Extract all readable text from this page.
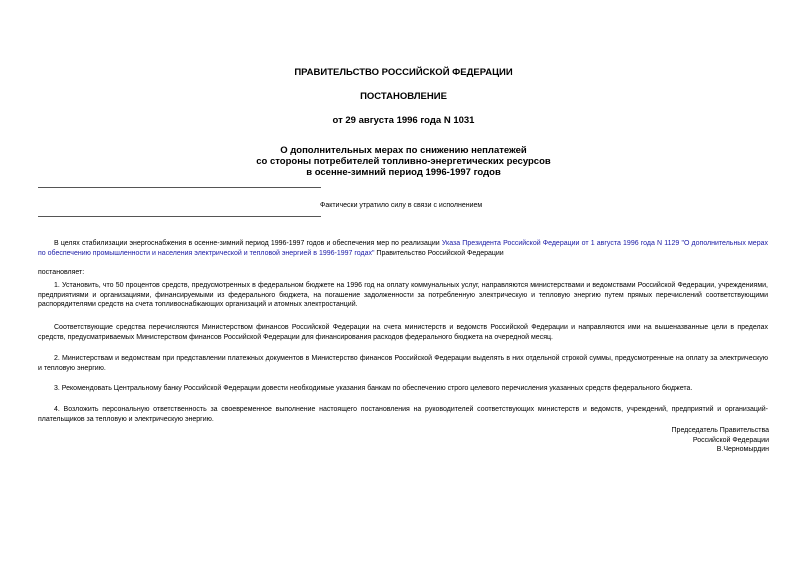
ПРАВИТЕЛЬСТВО РОССИЙСКОЙ ФЕДЕРАЦИИ
ПОСТАНОВЛЕНИЕ
от 29 августа 1996 года N 1031
О дополнительных мерах по снижению неплатежей
со стороны потребителей топливно-энергетических ресурсов
в осенне-зимний период 1996-1997 годов
Фактически утратило силу в связи с исполнением
В целях стабилизации энергоснабжения в осенне-зимний период 1996-1997 годов и обеспечения мер по реализации Указа Президента Российской Федерации от 1 августа 1996 года N 1129 "О дополнительных мерах по обеспечению промышленности и населения электрической и тепловой энергией в 1996-1997 годах" Правительство Российской Федерации
постановляет:
1. Установить, что 50 процентов средств, предусмотренных в федеральном бюджете на 1996 год на оплату коммунальных услуг, направляются министерствами и ведомствами Российской Федерации, учреждениями, предприятиями и организациями, финансируемыми из федерального бюджета, на погашение задолженности за потребленную электрическую и тепловую энергию путем прямых перечислений соответствующими распорядителями средств на счета топливоснабжающих организаций и атомных электростанций.
Соответствующие средства перечисляются Министерством финансов Российской Федерации на счета министерств и ведомств Российской Федерации и направляются ими на вышеназванные цели в пределах средств, предусматриваемых Министерством финансов Российской Федерации для финансирования расходов федерального бюджета на очередной месяц.
2. Министерствам и ведомствам при представлении платежных документов в Министерство финансов Российской Федерации выделять в них отдельной строкой суммы, предусмотренные на оплату за электрическую и тепловую энергию.
3. Рекомендовать Центральному банку Российской Федерации довести необходимые указания банкам по обеспечению строго целевого перечисления указанных средств федерального бюджета.
4. Возложить персональную ответственность за своевременное выполнение настоящего постановления на руководителей соответствующих министерств и ведомств, учреждений, предприятий и организаций-плательщиков за тепловую и электрическую энергию.
Председатель Правительства
Российской Федерации
В.Черномырдин
